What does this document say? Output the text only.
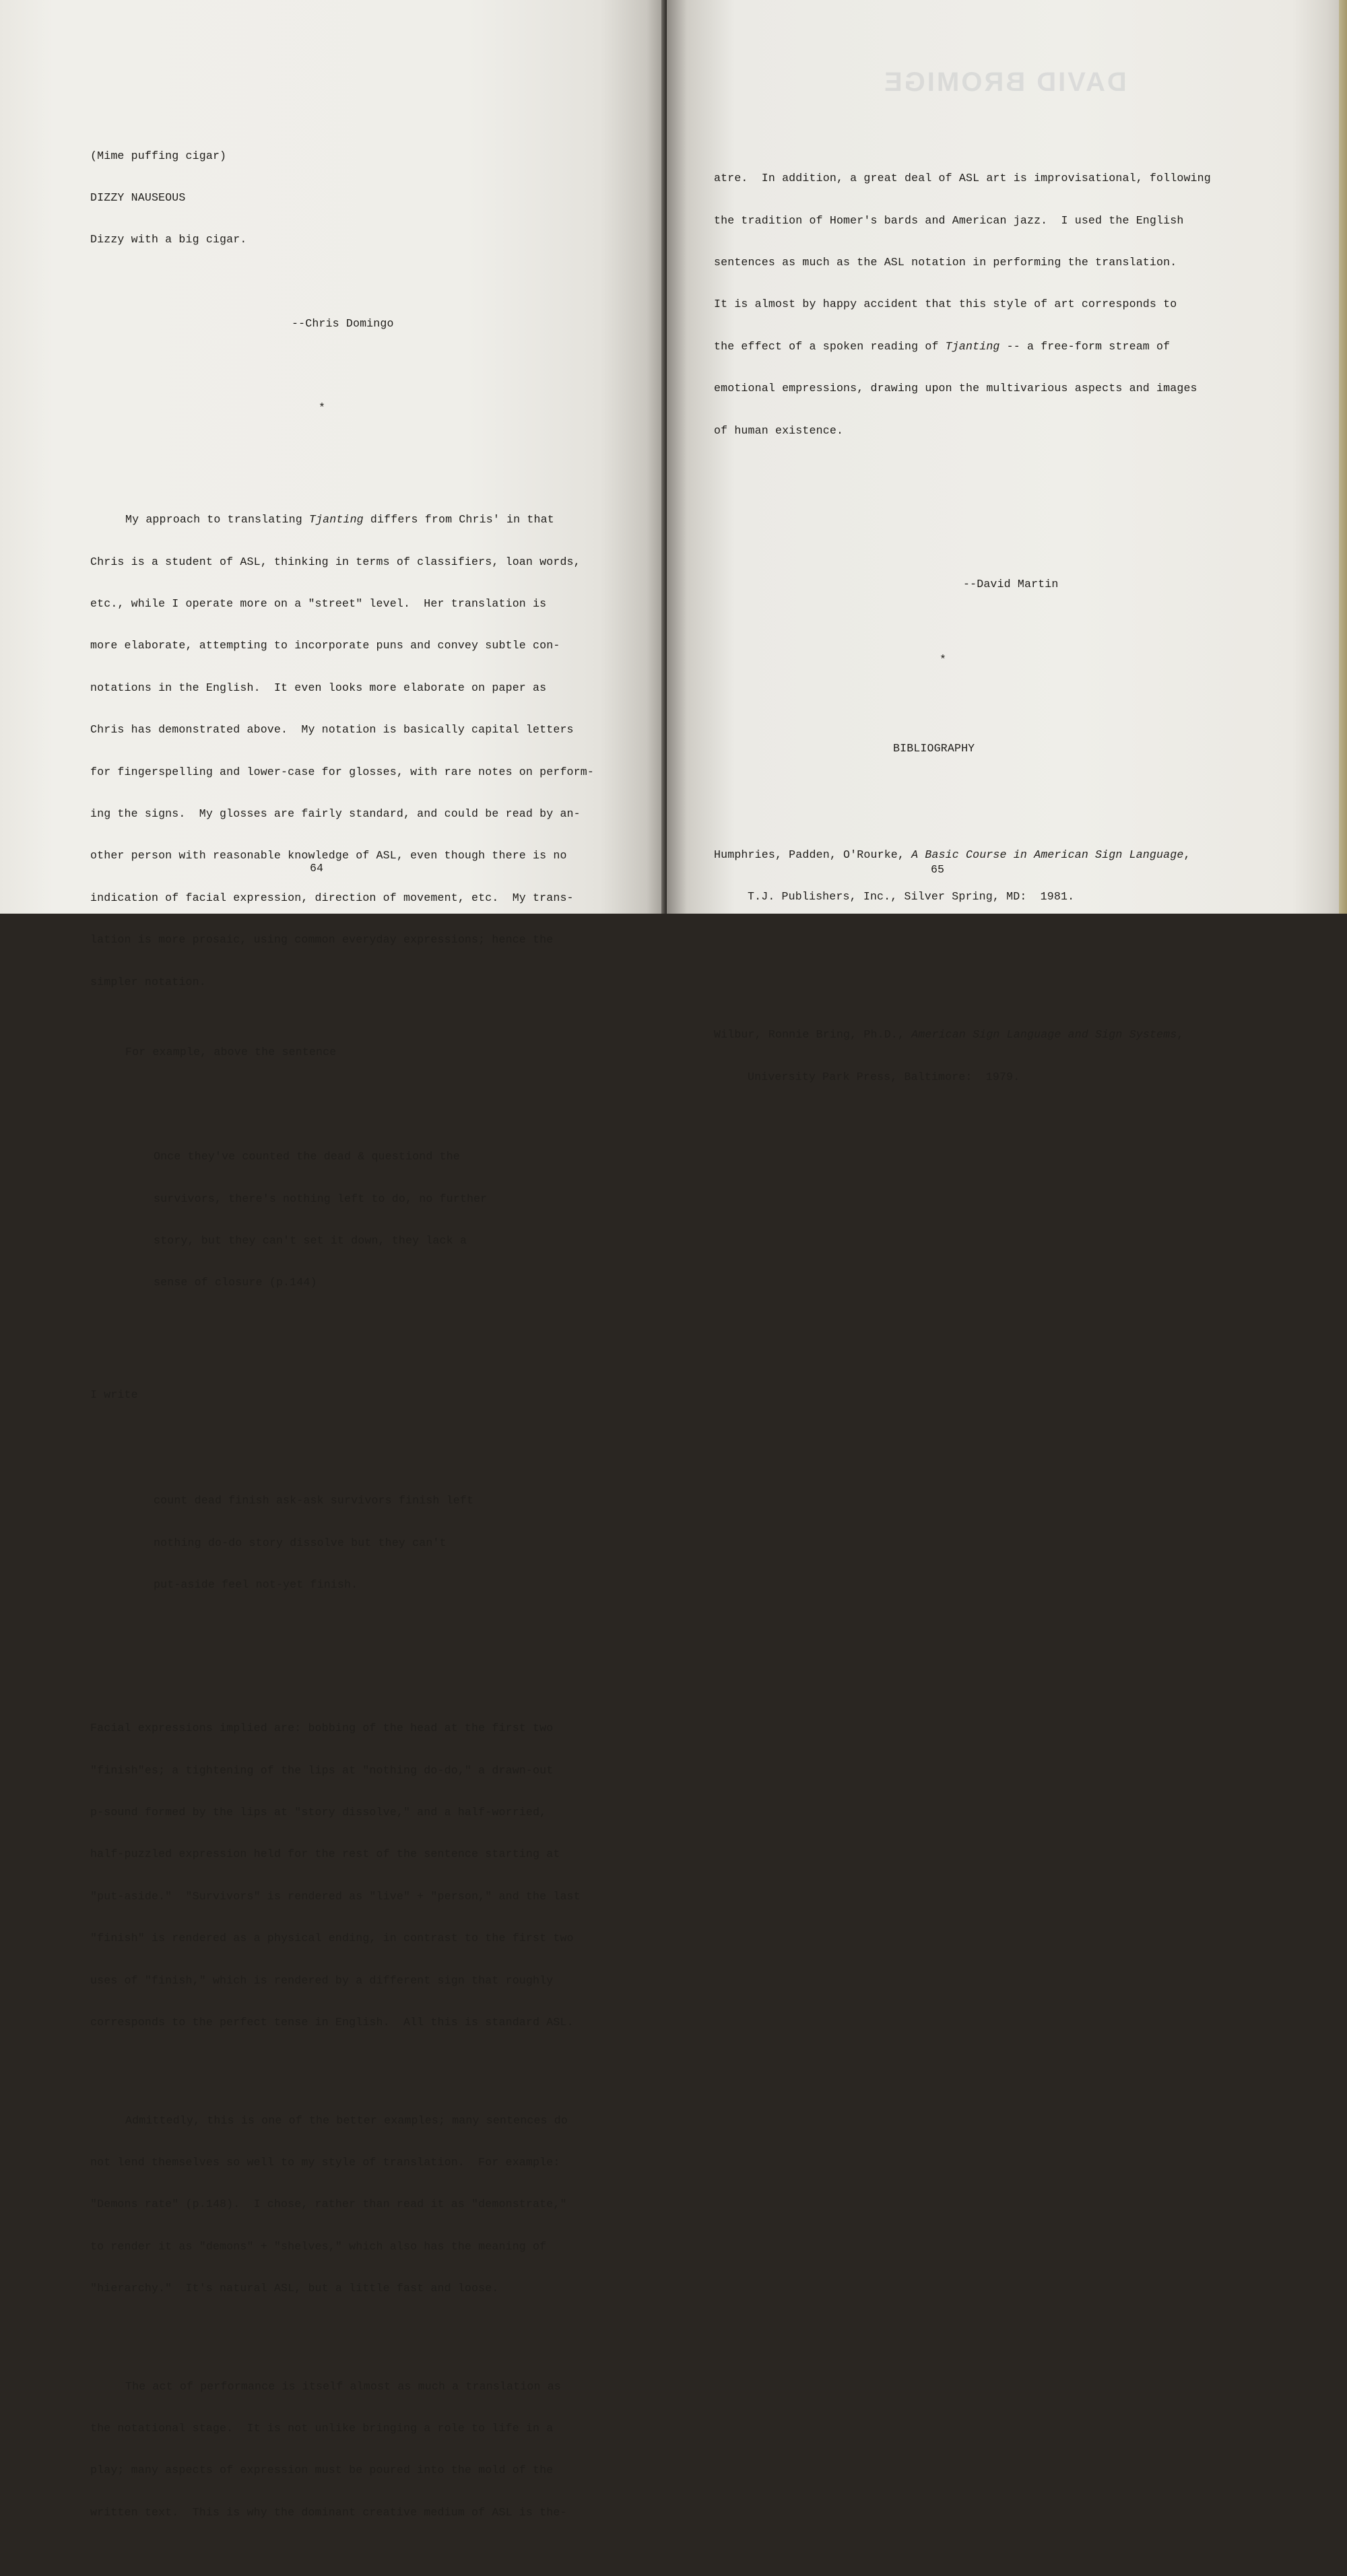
(Mime puffing cigar)

DIZZY NAUSEOUS

Dizzy with a big cigar.

--Chris Domingo

*

My approach to translating Tjanting differs from Chris' in that

Chris is a student of ASL, thinking in terms of classifiers, loan words,

etc., while I operate more on a "street" level.  Her translation is

more elaborate, attempting to incorporate puns and convey subtle con-

notations in the English.  It even looks more elaborate on paper as

Chris has demonstrated above.  My notation is basically capital letters

for fingerspelling and lower-case for glosses, with rare notes on perform-

ing the signs.  My glosses are fairly standard, and could be read by an-

other person with reasonable knowledge of ASL, even though there is no

indication of facial expression, direction of movement, etc.  My trans-

lation is more prosaic, using common everyday expressions; hence the

simpler notation.

For example, above the sentence

Once they've counted the dead & questiond the

survivors, there's nothing left to do, no further

story, but they can't set it down, they lack a

sense of closure (p.144)

I write

count dead finish ask-ask survivors finish left

nothing do-do story dissolve but they can't

put-aside feel not-yet finish.

Facial expressions implied are: bobbing of the head at the first two

"finish"es; a tightening of the lips at "nothing do-do," a drawn-out

p-sound formed by the lips at "story dissolve," and a half-worried,

half-puzzled expression held for the rest of the sentence starting at

"put-aside."  "Survivors" is rendered as "live" + "person," and the last

"finish" is rendered as a physical ending, in contrast to the first two

uses of "finish," which is rendered by a different sign that roughly

corresponds to the perfect tense in English.  All this is standard ASL.

Admittedly, this is one of the better examples; many sentences do

not lend themselves so well to my style of translation.  For example:

"Demons rate" (p.148).  I chose, rather than read it as "demonstrate,"

to render it as "demons" + "shelves," which also has the meaning of

"hierarchy."  It's natural ASL, but a little fast and loose.

The act of performance is itself almost as much a translation as

the notational stage.  It is not unlike bringing a role to life in a

play; many aspects of expression must be poured into the mold of the

written text.  This is why the dominant creative medium of ASL is the-

64
DAVID BROMIGE

atre.  In addition, a great deal of ASL art is improvisational, following

the tradition of Homer's bards and American jazz.  I used the English

sentences as much as the ASL notation in performing the translation.

It is almost by happy accident that this style of art corresponds to

the effect of a spoken reading of Tjanting -- a free-form stream of

emotional empressions, drawing upon the multivarious aspects and images

of human existence.

--David Martin

*

BIBLIOGRAPHY

Humphries, Padden, O'Rourke, A Basic Course in American Sign Language,

T.J. Publishers, Inc., Silver Spring, MD:  1981.

Wilbur, Ronnie Bring, Ph.D., American Sign Language and Sign Systems,

University Park Press, Baltimore:  1979.

65
